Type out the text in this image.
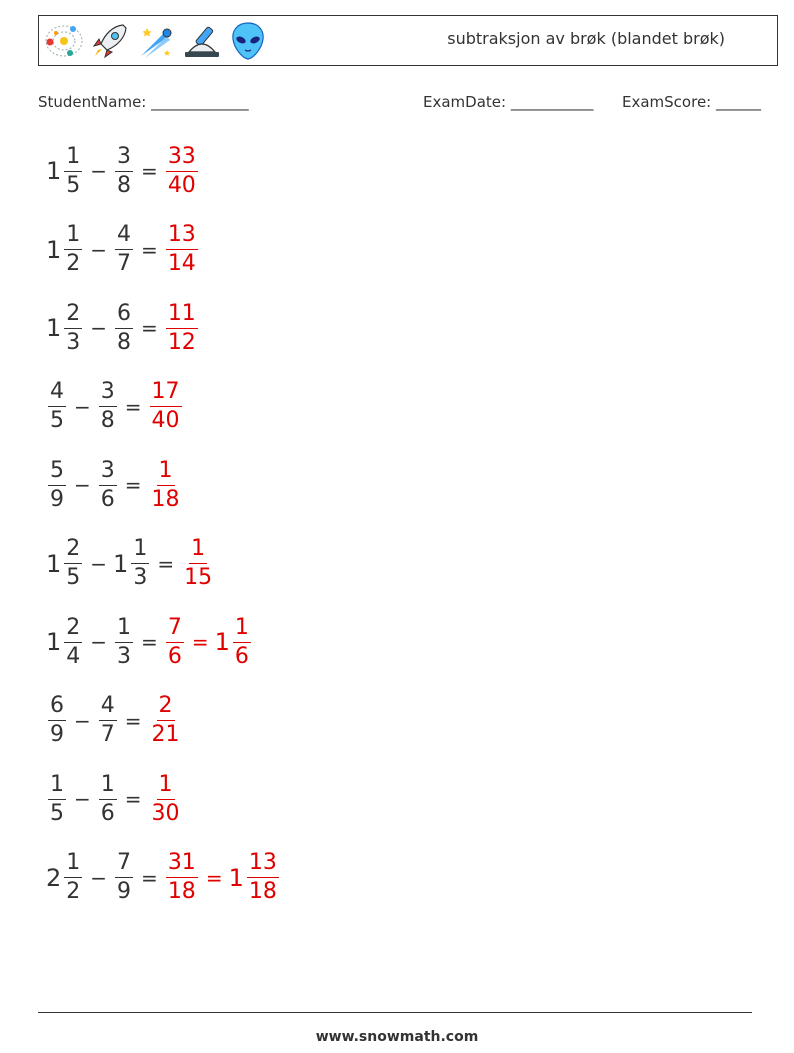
subtraksjon av brøk (blandet brøk)
StudentName: _____________	ExamDate: ___________ ExamScore: ______
$1 \frac{1}{5} - \frac{3}{8} = \frac{33}{40}$
$1 \frac{1}{2} - \frac{4}{7} = \frac{13}{14}$
$1 \frac{2}{3} - \frac{6}{8} = \frac{11}{12}$
$\frac{4}{5} - \frac{3}{8} = \frac{17}{40}$
$\frac{5}{9} - \frac{3}{6} = \frac{1}{18}$
$1 \frac{2}{5} - 1 \frac{1}{3} = \frac{1}{15}$
$1 \frac{2}{4} - \frac{1}{3} = \frac{7}{6} = 1 \frac{1}{6}$
$\frac{6}{9} - \frac{4}{7} = \frac{2}{21}$
$\frac{1}{5} - \frac{1}{6} = \frac{1}{30}$
$2 \frac{1}{2} - \frac{7}{9} = \frac{31}{18} = 1 \frac{13}{18}$
www.snowmath.com
